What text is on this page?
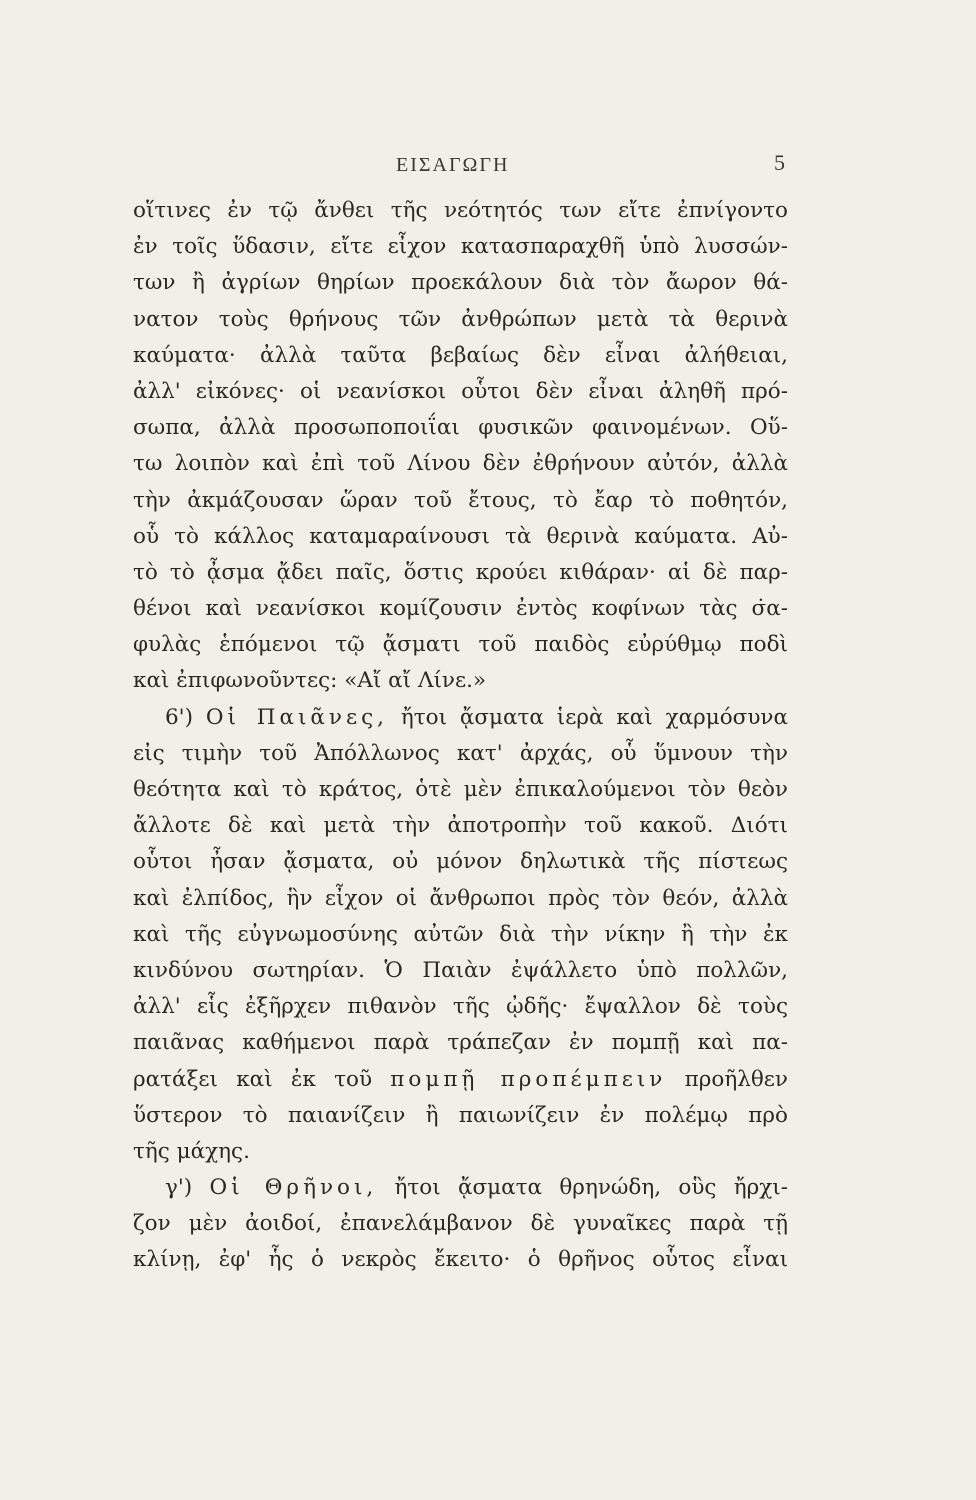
ΕΙΣΑΓΩΓΗ	5
οἵτινες ἐν τῷ ἄνθει τῆς νεότητός των εἴτε ἐπνίγοντο
ἐν τοῖς ὕδασιν, εἴτε εἶχον κατασπαραχθῆ ὑπὸ λυσσών-
των ἢ ἀγρίων θηρίων προεκάλουν διὰ τὸν ἄωρον θά-
νατον τοὺς θρήνους τῶν ἀνθρώπων μετὰ τὰ θερινὰ
καύματα· ἀλλὰ ταῦτα βεβαίως δὲν εἶναι ἀλήθειαι,
ἀλλ' εἰκόνες· οἱ νεανίσκοι οὗτοι δὲν εἶναι ἀληθῆ πρό-
σωπα, ἀλλὰ προσωποποιΐαι φυσικῶν φαινομένων. Οὕ-
τω λοιπὸν καὶ ἐπὶ τοῦ Λίνου δὲν ἐθρήνουν αὐτόν, ἀλλὰ
τὴν ἀκμάζουσαν ὥραν τοῦ ἔτους, τὸ ἔαρ τὸ ποθητόν,
οὗ τὸ κάλλος καταμαραίνουσι τὰ θερινὰ καύματα. Αὐ-
τὸ τὸ ᾆσμα ᾄδει παῖς, ὅστις κρούει κιθάραν· αἱ δὲ παρ-
θένοι καὶ νεανίσκοι κομίζουσιν ἐντὸς κοφίνων τὰς σ̇α-
φυλὰς ἑπόμενοι τῷ ᾄσματι τοῦ παιδὸς εὐρύθμῳ ποδὶ
καὶ ἐπιφωνοῦντες: «Αἴ αἴ Λίνε.»
6') Οἱ Παιᾶνες, ἤτοι ᾄσματα ἱερὰ καὶ χαρμόσυνα
εἰς τιμὴν τοῦ Ἀπόλλωνος κατ' ἀρχάς, οὗ ὕμνουν τὴν
θεότητα καὶ τὸ κράτος, ὁτὲ μὲν ἐπικαλούμενοι τὸν θεὸν
ἄλλοτε δὲ καὶ μετὰ τὴν ἀποτροπὴν τοῦ κακοῦ. Διότι
οὗτοι ἦσαν ᾄσματα, οὐ μόνον δηλωτικὰ τῆς πίστεως
καὶ ἐλπίδος, ἣν εἶχον οἱ ἄνθρωποι πρὸς τὸν θεόν, ἀλλὰ
καὶ τῆς εὐγνωμοσύνης αὐτῶν διὰ τὴν νίκην ἢ τὴν ἐκ
κινδύνου σωτηρίαν. Ὁ Παιὰν ἐψάλλετο ὑπὸ πολλῶν,
ἀλλ' εἷς ἐξῆρχεν πιθανὸν τῆς ᾠδῆς· ἔψαλλον δὲ τοὺς
παιᾶνας καθήμενοι παρὰ τράπεζαν ἐν πομπῇ καὶ πα-
ρατάξει καὶ ἐκ τοῦ πομπῇ προπέμπειν προῆλθεν
ὕστερον τὸ παιανίζειν ἢ παιωνίζειν ἐν πολέμῳ πρὸ
τῆς μάχης.
γ') Οἱ Θρῆνοι, ἤτοι ᾄσματα θρηνώδη, οὓς ἤρχι-
ζον μὲν ἀοιδοί, ἐπανελάμβανον δὲ γυναῖκες παρὰ τῇ
κλίνῃ, ἐφ' ἧς ὁ νεκρὸς ἔκειτο· ὁ θρῆνος οὗτος εἶναι
